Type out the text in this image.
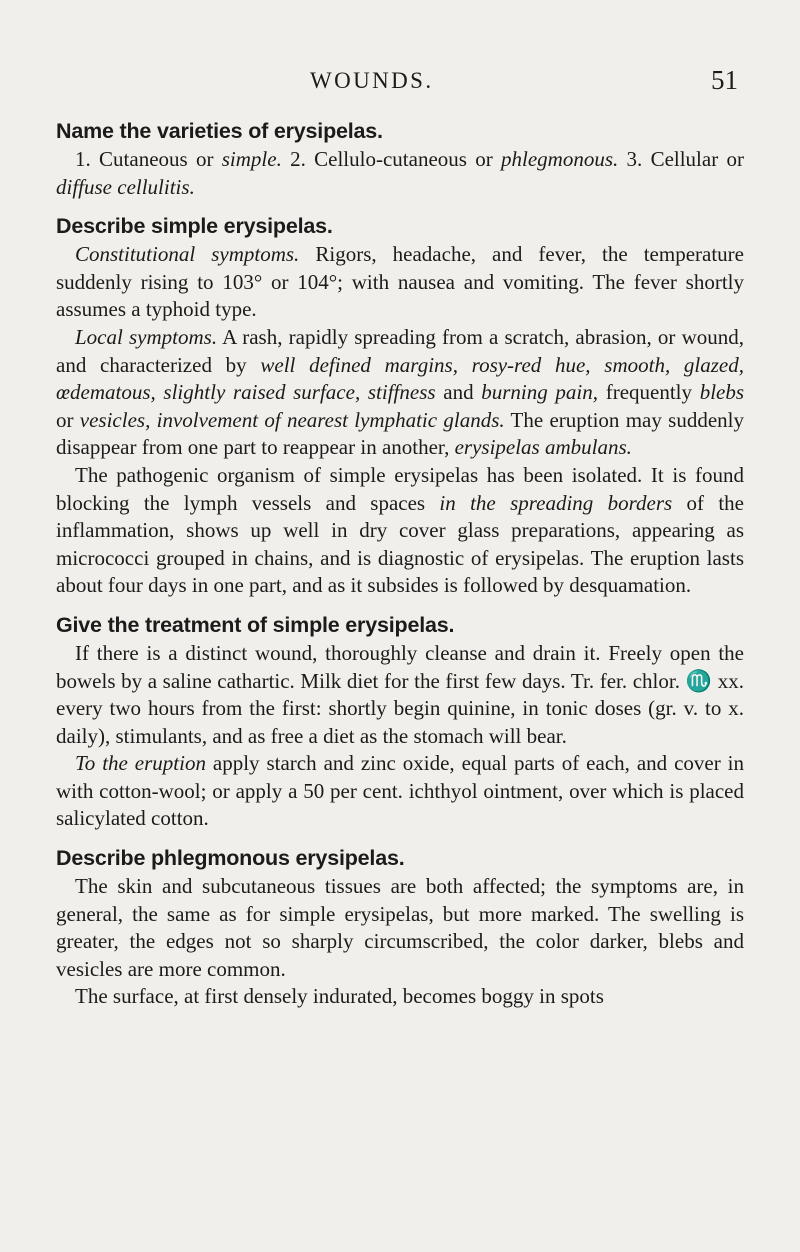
WOUNDS.	51
Name the varieties of erysipelas.

1. Cutaneous or simple. 2. Cellulo-cutaneous or phlegmonous. 3. Cellular or diffuse cellulitis.

Describe simple erysipelas.

Constitutional symptoms. Rigors, headache, and fever, the temperature suddenly rising to 103° or 104°; with nausea and vomiting. The fever shortly assumes a typhoid type.

Local symptoms. A rash, rapidly spreading from a scratch, abrasion, or wound, and characterized by well defined margins, rosy-red hue, smooth, glazed, œdematous, slightly raised surface, stiffness and burning pain, frequently blebs or vesicles, involvement of nearest lymphatic glands. The eruption may suddenly disappear from one part to reappear in another, erysipelas ambulans.

The pathogenic organism of simple erysipelas has been isolated. It is found blocking the lymph vessels and spaces in the spreading borders of the inflammation, shows up well in dry cover glass preparations, appearing as micrococci grouped in chains, and is diagnostic of erysipelas. The eruption lasts about four days in one part, and as it subsides is followed by desquamation.

Give the treatment of simple erysipelas.

If there is a distinct wound, thoroughly cleanse and drain it. Freely open the bowels by a saline cathartic. Milk diet for the first few days. Tr. fer. chlor. ♏ xx. every two hours from the first: shortly begin quinine, in tonic doses (gr. v. to x. daily), stimulants, and as free a diet as the stomach will bear.

To the eruption apply starch and zinc oxide, equal parts of each, and cover in with cotton-wool; or apply a 50 per cent. ichthyol ointment, over which is placed salicylated cotton.

Describe phlegmonous erysipelas.

The skin and subcutaneous tissues are both affected; the symptoms are, in general, the same as for simple erysipelas, but more marked. The swelling is greater, the edges not so sharply circumscribed, the color darker, blebs and vesicles are more common.

The surface, at first densely indurated, becomes boggy in spots
